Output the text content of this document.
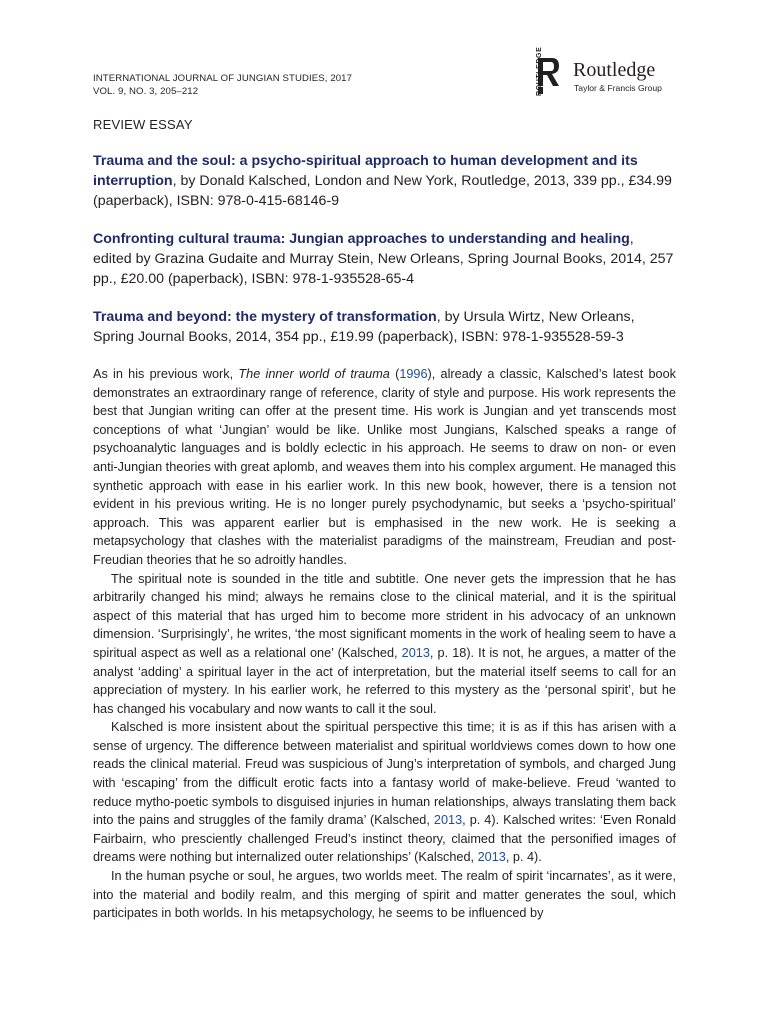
INTERNATIONAL JOURNAL OF JUNGIAN STUDIES, 2017
VOL. 9, NO. 3, 205–212	ROUTLEDGE Routledge
Taylor & Francis Group
REVIEW ESSAY
Trauma and the soul: a psycho-spiritual approach to human development and its interruption, by Donald Kalsched, London and New York, Routledge, 2013, 339 pp., £34.99 (paperback), ISBN: 978-0-415-68146-9
Confronting cultural trauma: Jungian approaches to understanding and healing, edited by Grazina Gudaite and Murray Stein, New Orleans, Spring Journal Books, 2014, 257 pp., £20.00 (paperback), ISBN: 978-1-935528-65-4
Trauma and beyond: the mystery of transformation, by Ursula Wirtz, New Orleans, Spring Journal Books, 2014, 354 pp., £19.99 (paperback), ISBN: 978-1-935528-59-3

As in his previous work, The inner world of trauma (1996), already a classic, Kalsched’s latest book demonstrates an extraordinary range of reference, clarity of style and purpose. His work represents the best that Jungian writing can offer at the present time. His work is Jungian and yet transcends most conceptions of what ‘Jungian’ would be like. Unlike most Jungians, Kalsched speaks a range of psychoanalytic languages and is boldly eclectic in his approach. He seems to draw on non- or even anti-Jungian theories with great aplomb, and weaves them into his complex argument. He managed this synthetic approach with ease in his earlier work. In this new book, however, there is a tension not evident in his previous writing. He is no longer purely psychodynamic, but seeks a ‘psycho-spiritual’ approach. This was apparent earlier but is emphasised in the new work. He is seeking a metapsychology that clashes with the materialist paradigms of the mainstream, Freudian and post-Freudian theories that he so adroitly handles.

The spiritual note is sounded in the title and subtitle. One never gets the impression that he has arbitrarily changed his mind; always he remains close to the clinical material, and it is the spiritual aspect of this material that has urged him to become more strident in his advocacy of an unknown dimension. ‘Surprisingly’, he writes, ‘the most significant moments in the work of healing seem to have a spiritual aspect as well as a relational one’ (Kalsched, 2013, p. 18). It is not, he argues, a matter of the analyst ‘adding’ a spiritual layer in the act of interpretation, but the material itself seems to call for an appreciation of mystery. In his earlier work, he referred to this mystery as the ‘personal spirit’, but he has changed his vocabulary and now wants to call it the soul.

Kalsched is more insistent about the spiritual perspective this time; it is as if this has arisen with a sense of urgency. The difference between materialist and spiritual worldviews comes down to how one reads the clinical material. Freud was suspicious of Jung’s interpretation of symbols, and charged Jung with ‘escaping’ from the difficult erotic facts into a fantasy world of make-believe. Freud ‘wanted to reduce mytho-poetic symbols to disguised injuries in human relationships, always translating them back into the pains and struggles of the family drama’ (Kalsched, 2013, p. 4). Kalsched writes: ‘Even Ronald Fairbairn, who presciently challenged Freud’s instinct theory, claimed that the personified images of dreams were nothing but internalized outer relationships’ (Kalsched, 2013, p. 4).

In the human psyche or soul, he argues, two worlds meet. The realm of spirit ‘incarnates’, as it were, into the material and bodily realm, and this merging of spirit and matter generates the soul, which participates in both worlds. In his metapsychology, he seems to be influenced by
